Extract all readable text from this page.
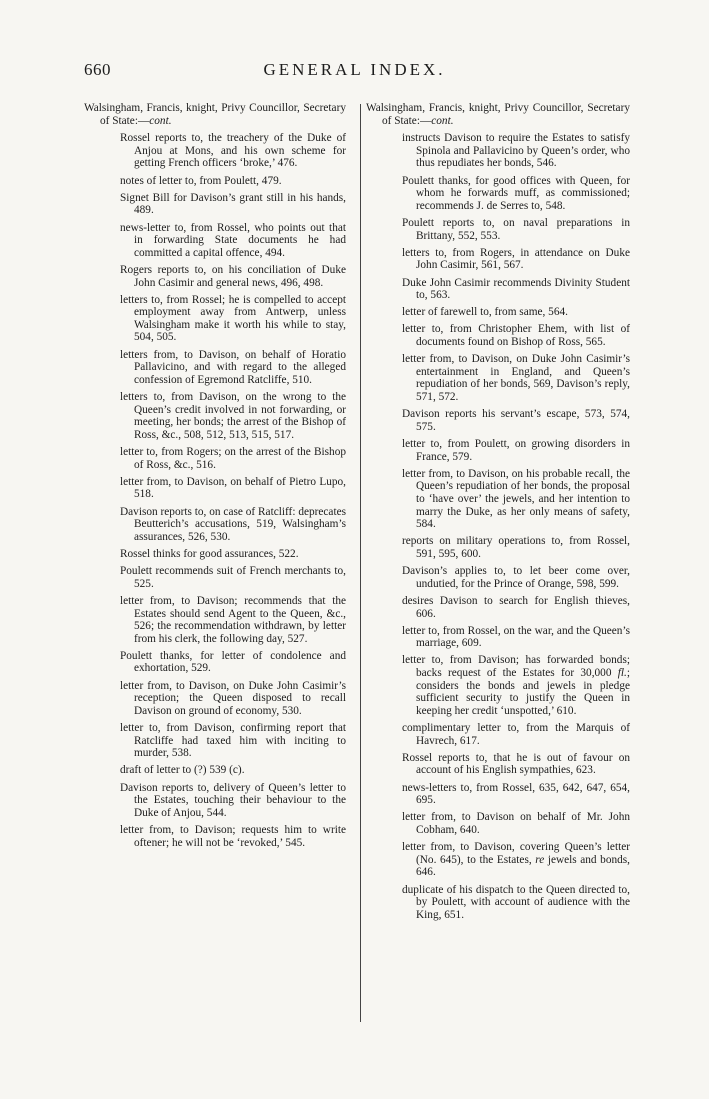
660	GENERAL INDEX.
Walsingham, Francis, knight, Privy Councillor, Secretary of State:—cont.
Rossel reports to, the treachery of the Duke of Anjou at Mons, and his own scheme for getting French officers ‘broke,’ 476.
notes of letter to, from Poulett, 479.
Signet Bill for Davison’s grant still in his hands, 489.
news-letter to, from Rossel, who points out that in forwarding State documents he had committed a capital offence, 494.
Rogers reports to, on his conciliation of Duke John Casimir and general news, 496, 498.
letters to, from Rossel; he is compelled to accept employment away from Antwerp, unless Walsingham make it worth his while to stay, 504, 505.
letters from, to Davison, on behalf of Horatio Pallavicino, and with regard to the alleged confession of Egremond Ratcliffe, 510.
letters to, from Davison, on the wrong to the Queen’s credit involved in not forwarding, or meeting, her bonds; the arrest of the Bishop of Ross, &c., 508, 512, 513, 515, 517.
letter to, from Rogers; on the arrest of the Bishop of Ross, &c., 516.
letter from, to Davison, on behalf of Pietro Lupo, 518.
Davison reports to, on case of Ratcliff: deprecates Beutterich’s accusations, 519, Walsingham’s assurances, 526, 530.
Rossel thinks for good assurances, 522.
Poulett recommends suit of French merchants to, 525.
letter from, to Davison; recommends that the Estates should send Agent to the Queen, &c., 526; the recommendation withdrawn, by letter from his clerk, the following day, 527.
Poulett thanks, for letter of condolence and exhortation, 529.
letter from, to Davison, on Duke John Casimir’s reception; the Queen disposed to recall Davison on ground of economy, 530.
letter to, from Davison, confirming report that Ratcliffe had taxed him with inciting to murder, 538.
draft of letter to (?) 539 (c).
Davison reports to, delivery of Queen’s letter to the Estates, touching their behaviour to the Duke of Anjou, 544.
letter from, to Davison; requests him to write oftener; he will not be ‘revoked,’ 545.
Walsingham, Francis, knight, Privy Councillor, Secretary of State:—cont.
instructs Davison to require the Estates to satisfy Spinola and Pallavicino by Queen’s order, who thus repudiates her bonds, 546.
Poulett thanks, for good offices with Queen, for whom he forwards muff, as commissioned; recommends J. de Serres to, 548.
Poulett reports to, on naval preparations in Brittany, 552, 553.
letters to, from Rogers, in attendance on Duke John Casimir, 561, 567.
Duke John Casimir recommends Divinity Student to, 563.
letter of farewell to, from same, 564.
letter to, from Christopher Ehem, with list of documents found on Bishop of Ross, 565.
letter from, to Davison, on Duke John Casimir’s entertainment in England, and Queen’s repudiation of her bonds, 569, Davison’s reply, 571, 572.
Davison reports his servant’s escape, 573, 574, 575.
letter to, from Poulett, on growing disorders in France, 579.
letter from, to Davison, on his probable recall, the Queen’s repudiation of her bonds, the proposal to ‘have over’ the jewels, and her intention to marry the Duke, as her only means of safety, 584.
reports on military operations to, from Rossel, 591, 595, 600.
Davison’s applies to, to let beer come over, undutied, for the Prince of Orange, 598, 599.
desires Davison to search for English thieves, 606.
letter to, from Rossel, on the war, and the Queen’s marriage, 609.
letter to, from Davison; has forwarded bonds; backs request of the Estates for 30,000 fl.; considers the bonds and jewels in pledge sufficient security to justify the Queen in keeping her credit ‘unspotted,’ 610.
complimentary letter to, from the Marquis of Havrech, 617.
Rossel reports to, that he is out of favour on account of his English sympathies, 623.
news-letters to, from Rossel, 635, 642, 647, 654, 695.
letter from, to Davison on behalf of Mr. John Cobham, 640.
letter from, to Davison, covering Queen’s letter (No. 645), to the Estates, re jewels and bonds, 646.
duplicate of his dispatch to the Queen directed to, by Poulett, with account of audience with the King, 651.
